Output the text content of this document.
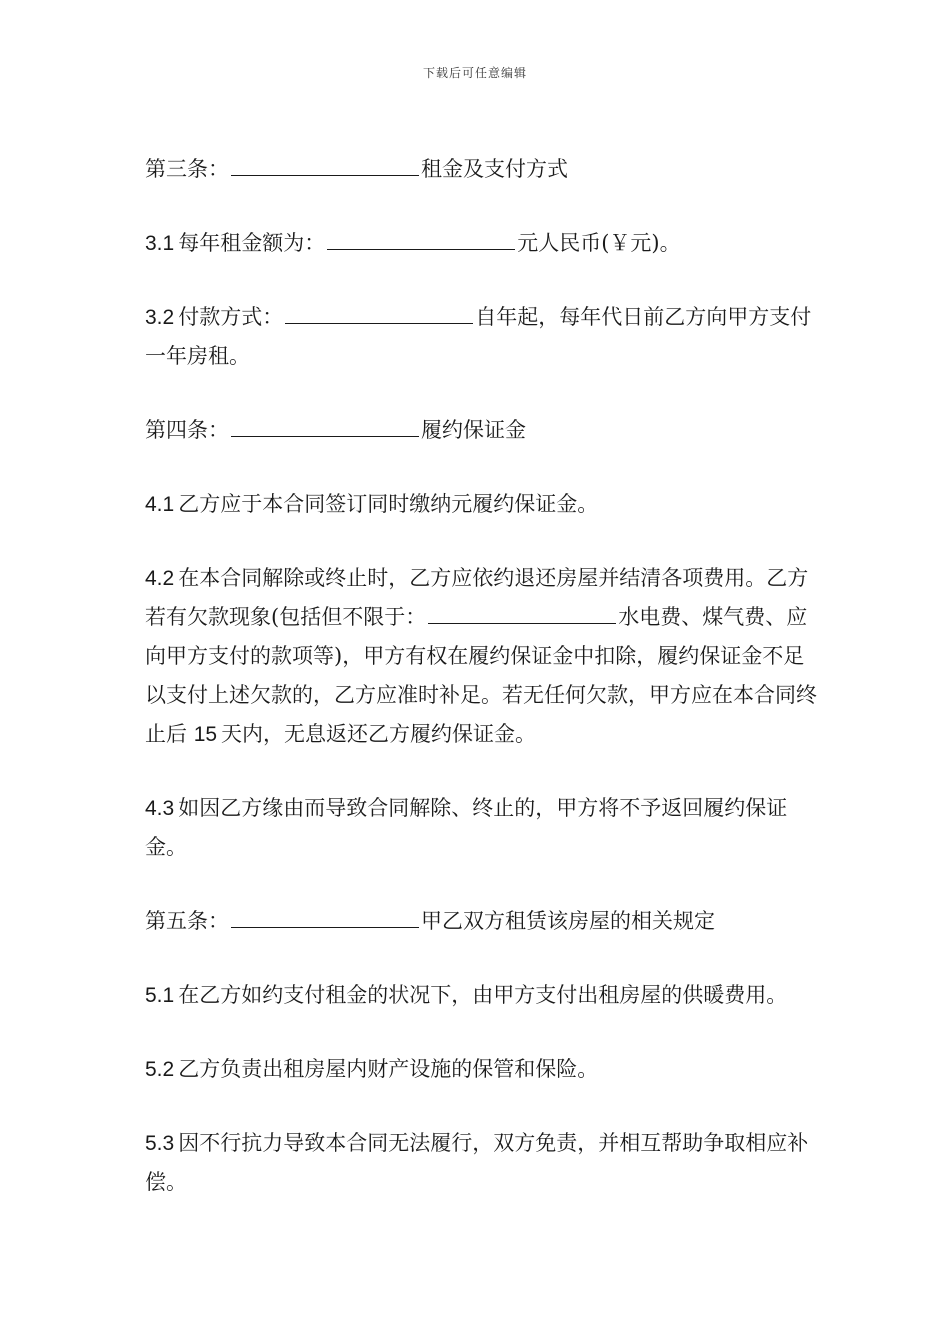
下载后可任意编辑

第三条：	租金及支付方式

3.1 每年租金额为：	元人民币(￥元)。

3.2 付款方式：	自年起，每年代日前乙方向甲方支付一年房租。

第四条：	履约保证金

4.1 乙方应于本合同签订同时缴纳元履约保证金。

4.2 在本合同解除或终止时，乙方应依约退还房屋并结清各项费用。乙方若有欠款现象(包括但不限于：	水电费、煤气费、应向甲方支付的款项等)，甲方有权在履约保证金中扣除，履约保证金不足以支付上述欠款的，乙方应准时补足。若无任何欠款，甲方应在本合同终止后 15 天内，无息返还乙方履约保证金。

4.3 如因乙方缘由而导致合同解除、终止的，甲方将不予返回履约保证金。

第五条：	甲乙双方租赁该房屋的相关规定

5.1 在乙方如约支付租金的状况下，由甲方支付出租房屋的供暖费用。

5.2 乙方负责出租房屋内财产设施的保管和保险。

5.3 因不行抗力导致本合同无法履行，双方免责，并相互帮助争取相应补偿。
